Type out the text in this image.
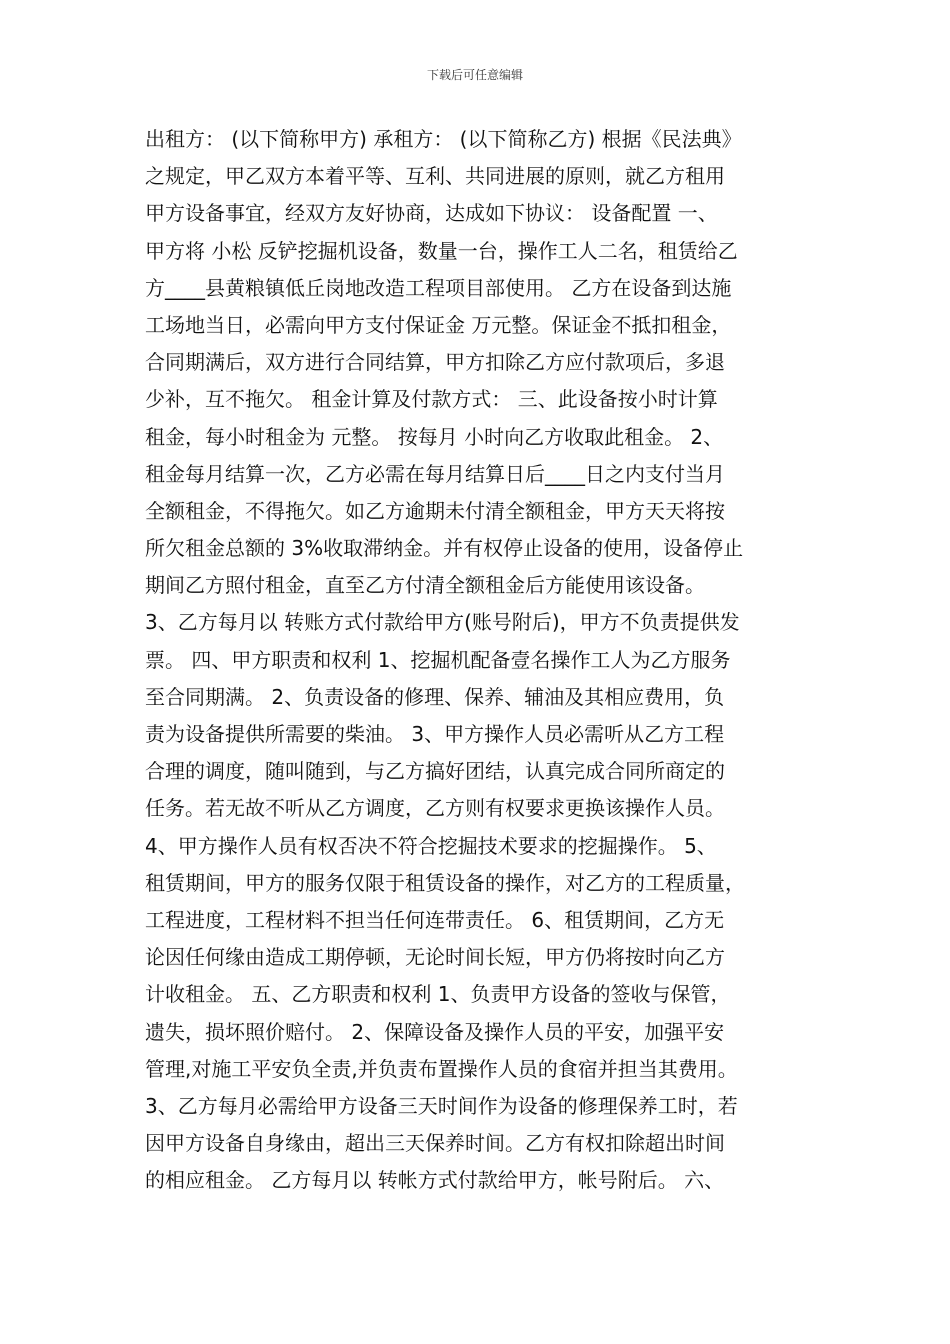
下载后可任意编辑
出租方： (以下简称甲方) 承租方： (以下简称乙方) 根据《民法典》
之规定，甲乙双方本着平等、互利、共同进展的原则，就乙方租用
甲方设备事宜，经双方友好协商，达成如下协议： 设备配置 一、
甲方将 小松 反铲挖掘机设备，数量一台，操作工人二名，租赁给乙
方____县黄粮镇低丘岗地改造工程项目部使用。 乙方在设备到达施
工场地当日，必需向甲方支付保证金 万元整。保证金不抵扣租金，
合同期满后，双方进行合同结算，甲方扣除乙方应付款项后，多退
少补，互不拖欠。 租金计算及付款方式： 三、此设备按小时计算
租金，每小时租金为 元整。 按每月 小时向乙方收取此租金。 2、
租金每月结算一次，乙方必需在每月结算日后____日之内支付当月
全额租金，不得拖欠。如乙方逾期未付清全额租金，甲方天天将按
所欠租金总额的 3%收取滞纳金。并有权停止设备的使用，设备停止
期间乙方照付租金，直至乙方付清全额租金后方能使用该设备。
3、乙方每月以 转账方式付款给甲方(账号附后)，甲方不负责提供发
票。 四、甲方职责和权利 1、挖掘机配备壹名操作工人为乙方服务
至合同期满。 2、负责设备的修理、保养、辅油及其相应费用，负
责为设备提供所需要的柴油。 3、甲方操作人员必需听从乙方工程
合理的调度，随叫随到，与乙方搞好团结，认真完成合同所商定的
任务。若无故不听从乙方调度，乙方则有权要求更换该操作人员。
4、甲方操作人员有权否决不符合挖掘技术要求的挖掘操作。 5、
租赁期间，甲方的服务仅限于租赁设备的操作，对乙方的工程质量，
工程进度，工程材料不担当任何连带责任。 6、租赁期间，乙方无
论因任何缘由造成工期停顿，无论时间长短，甲方仍将按时向乙方
计收租金。 五、乙方职责和权利 1、负责甲方设备的签收与保管，
遗失，损坏照价赔付。 2、保障设备及操作人员的平安，加强平安
管理,对施工平安负全责,并负责布置操作人员的食宿并担当其费用。
3、乙方每月必需给甲方设备三天时间作为设备的修理保养工时，若
因甲方设备自身缘由，超出三天保养时间。乙方有权扣除超出时间
的相应租金。 乙方每月以 转帐方式付款给甲方，帐号附后。 六、
